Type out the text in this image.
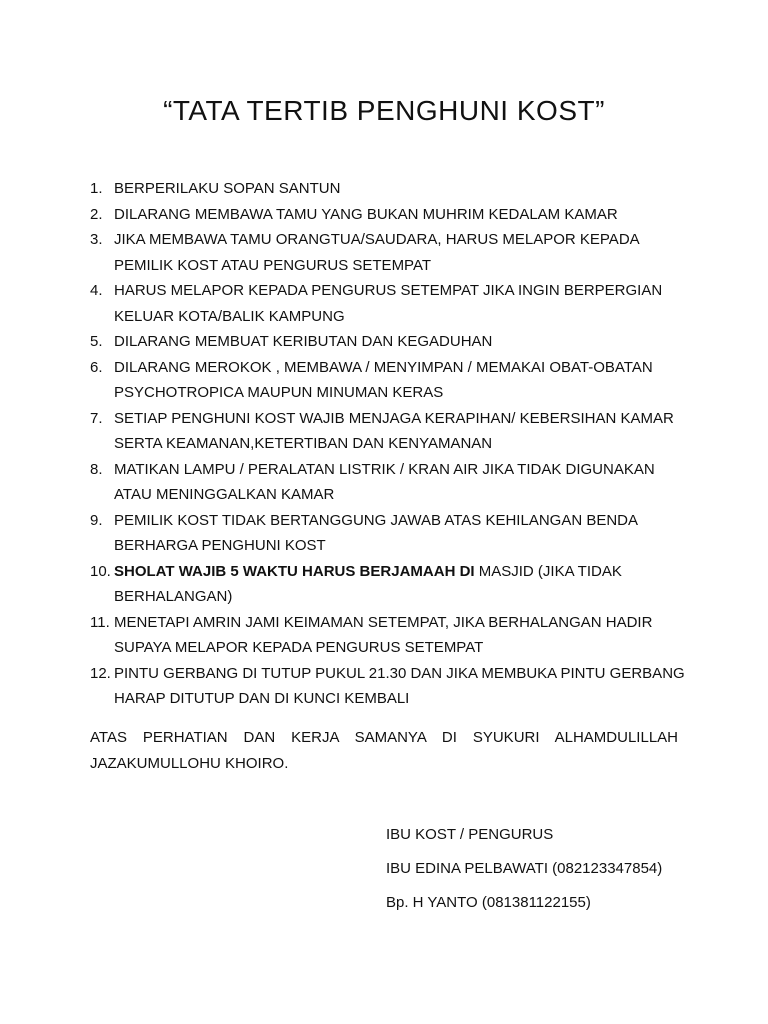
“TATA TERTIB PENGHUNI KOST”
1. BERPERILAKU SOPAN SANTUN
2. DILARANG MEMBAWA TAMU YANG BUKAN MUHRIM KEDALAM KAMAR
3. JIKA MEMBAWA TAMU ORANGTUA/SAUDARA, HARUS MELAPOR KEPADA PEMILIK KOST ATAU PENGURUS SETEMPAT
4. HARUS MELAPOR KEPADA PENGURUS SETEMPAT JIKA INGIN BERPERGIAN KELUAR KOTA/BALIK KAMPUNG
5. DILARANG MEMBUAT KERIBUTAN DAN KEGADUHAN
6. DILARANG MEROKOK , MEMBAWA / MENYIMPAN / MEMAKAI OBAT-OBATAN PSYCHOTROPICA MAUPUN MINUMAN KERAS
7. SETIAP PENGHUNI KOST WAJIB MENJAGA KERAPIHAN/ KEBERSIHAN KAMAR SERTA KEAMANAN,KETERTIBAN DAN KENYAMANAN
8. MATIKAN LAMPU / PERALATAN LISTRIK / KRAN AIR JIKA TIDAK DIGUNAKAN ATAU MENINGGALKAN KAMAR
9. PEMILIK KOST TIDAK BERTANGGUNG JAWAB ATAS KEHILANGAN BENDA BERHARGA PENGHUNI KOST
10. SHOLAT WAJIB 5 WAKTU HARUS BERJAMAAH DI MASJID (JIKA TIDAK BERHALANGAN)
11. MENETAPI AMRIN JAMI KEIMAMAN SETEMPAT, JIKA BERHALANGAN HADIR SUPAYA MELAPOR KEPADA PENGURUS SETEMPAT
12. PINTU GERBANG DI TUTUP PUKUL 21.30 DAN JIKA MEMBUKA PINTU GERBANG HARAP DITUTUP DAN DI KUNCI KEMBALI
ATAS PERHATIAN DAN KERJA SAMANYA DI SYUKURI ALHAMDULILLAH
JAZAKUMULLOHU KHOIRO.
IBU KOST / PENGURUS
IBU EDINA PELBAWATI (082123347854)
Bp. H YANTO (081381122155)
